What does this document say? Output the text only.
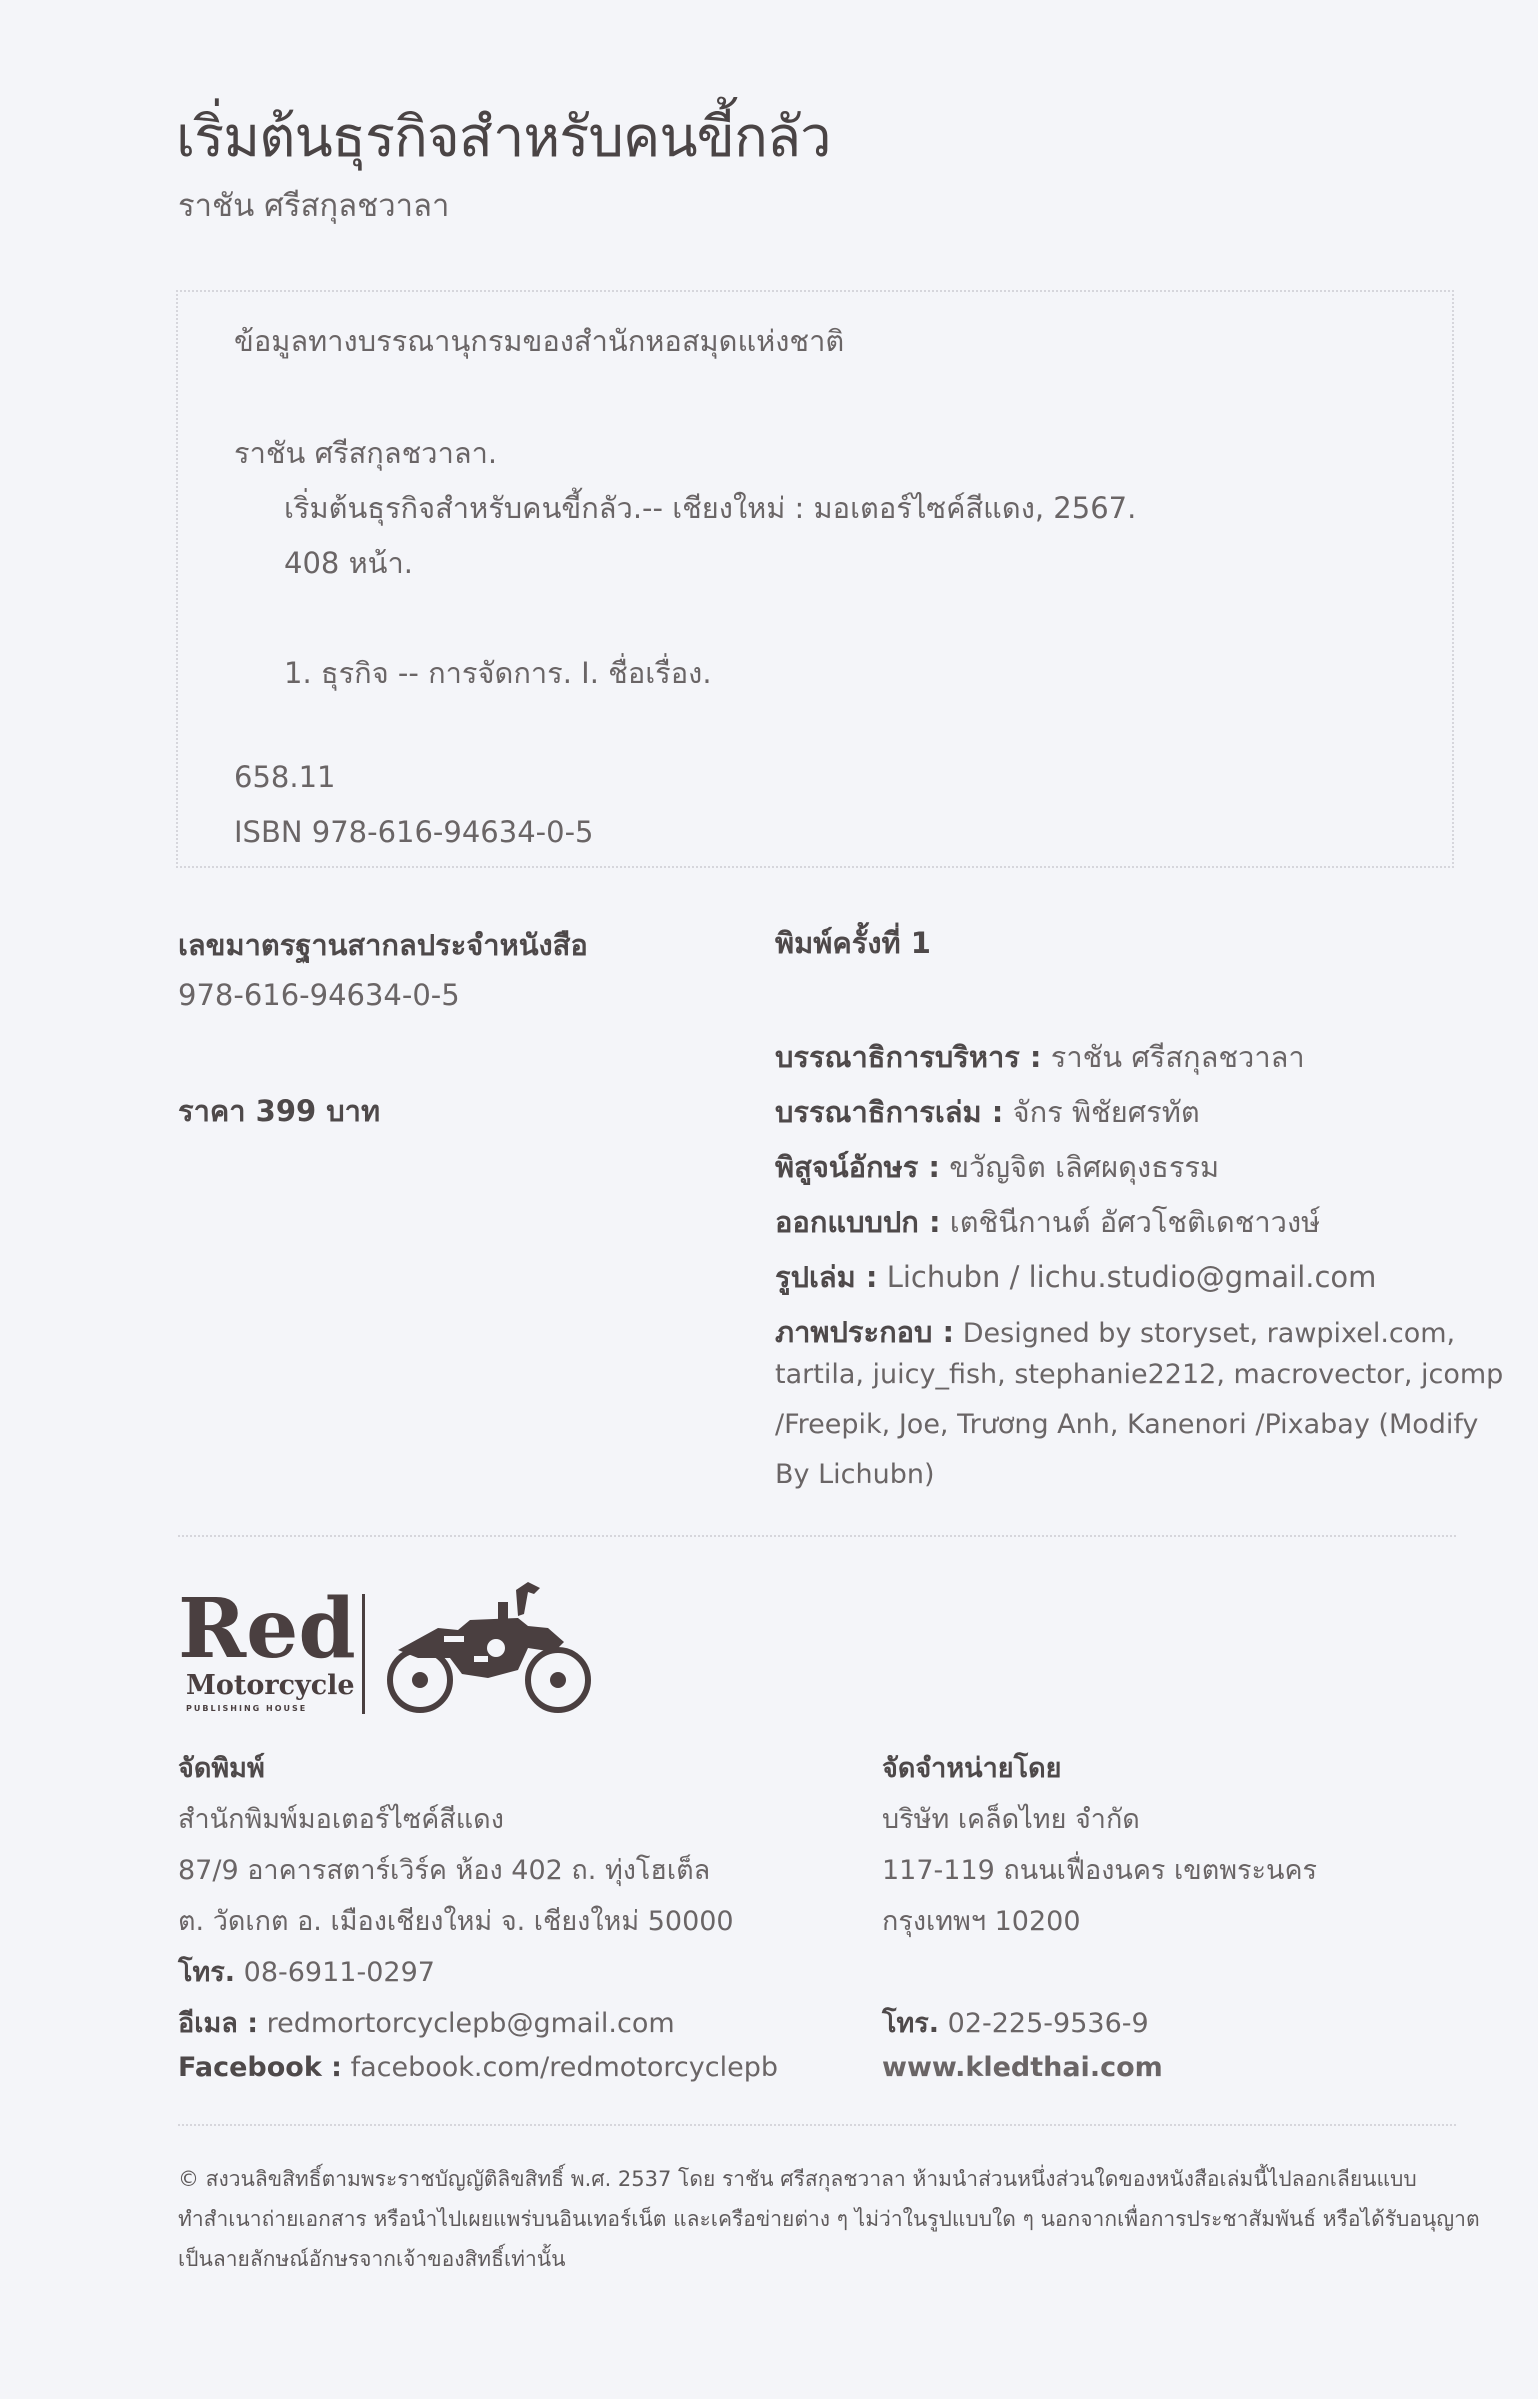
เริ่มต้นธุรกิจสำหรับคนขี้กลัว
ราชัน ศรีสกุลชวาลา
ข้อมูลทางบรรณานุกรมของสำนักหอสมุดแห่งชาติ
ราชัน ศรีสกุลชวาลา.
เริ่มต้นธุรกิจสำหรับคนขี้กลัว.-- เชียงใหม่ : มอเตอร์ไซค์สีแดง, 2567.
408 หน้า.
1. ธุรกิจ -- การจัดการ. I. ชื่อเรื่อง.
658.11
ISBN 978-616-94634-0-5
เลขมาตรฐานสากลประจำหนังสือ
978-616-94634-0-5
ราคา 399 บาท
พิมพ์ครั้งที่ 1
บรรณาธิการบริหาร : ราชัน ศรีสกุลชวาลา
บรรณาธิการเล่ม : จักร พิชัยศรทัต
พิสูจน์อักษร : ขวัญจิต เลิศผดุงธรรม
ออกแบบปก : เตชินีกานต์ อัศวโชติเดชาวงษ์
รูปเล่ม : Lichubn / lichu.studio@gmail.com
ภาพประกอบ : Designed by storyset, rawpixel.com,
tartila, juicy_fish, stephanie2212, macrovector, jcomp
/Freepik, Joe, Trương Anh, Kanenori /Pixabay (Modify
By Lichubn)
Red
Motorcycle
PUBLISHING HOUSE
จัดพิมพ์
สำนักพิมพ์มอเตอร์ไซค์สีแดง
87/9 อาคารสตาร์เวิร์ค ห้อง 402 ถ. ทุ่งโฮเต็ล
ต. วัดเกต อ. เมืองเชียงใหม่ จ. เชียงใหม่ 50000
โทร. 08-6911-0297
อีเมล : redmortorcyclepb@gmail.com
Facebook : facebook.com/redmotorcyclepb
จัดจำหน่ายโดย
บริษัท เคล็ดไทย จำกัด
117-119 ถนนเฟื่องนคร เขตพระนคร
กรุงเทพฯ 10200
โทร. 02-225-9536-9
www.kledthai.com
© สงวนลิขสิทธิ์ตามพระราชบัญญัติลิขสิทธิ์ พ.ศ. 2537 โดย ราชัน ศรีสกุลชวาลา ห้ามนำส่วนหนึ่งส่วนใดของหนังสือเล่มนี้ไปลอกเลียนแบบ
ทำสำเนาถ่ายเอกสาร หรือนำไปเผยแพร่บนอินเทอร์เน็ต และเครือข่ายต่าง ๆ ไม่ว่าในรูปแบบใด ๆ นอกจากเพื่อการประชาสัมพันธ์ หรือได้รับอนุญาต
เป็นลายลักษณ์อักษรจากเจ้าของสิทธิ์เท่านั้น
